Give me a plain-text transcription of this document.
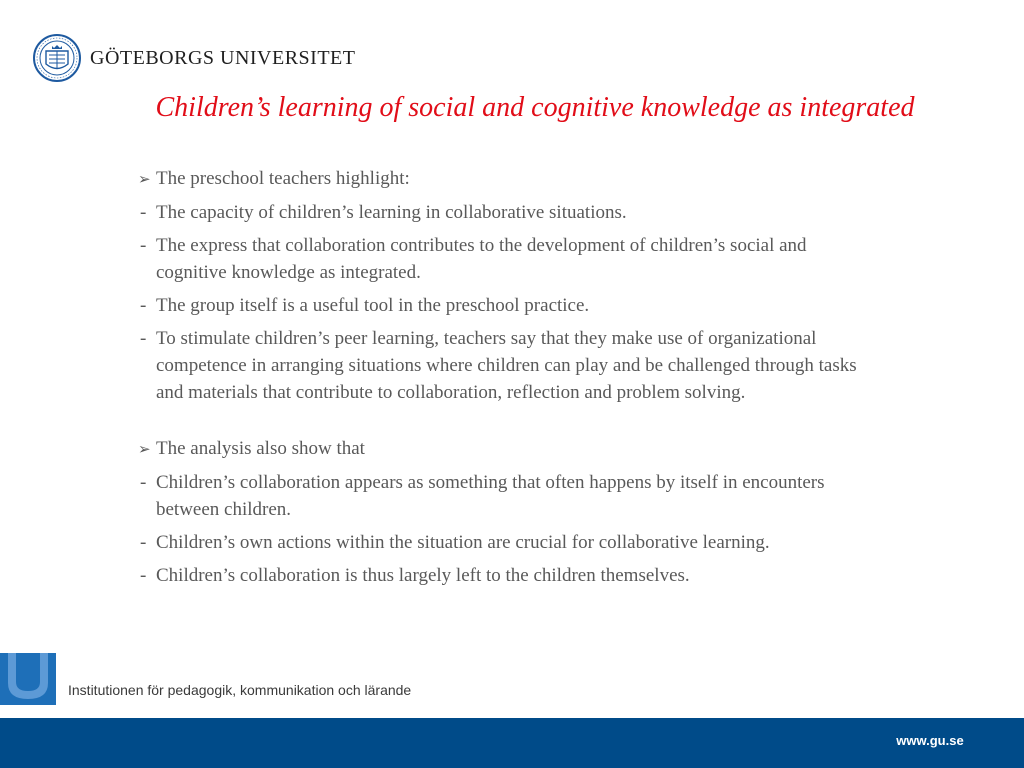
GÖTEBORGS UNIVERSITET
Children’s learning of social and cognitive knowledge as integrated
➢ The preschool teachers highlight:
- The capacity of children’s learning in collaborative situations.
- The express that collaboration contributes to the development of children’s social and cognitive knowledge as integrated.
- The group itself is a useful tool in the preschool practice.
- To stimulate children’s peer learning, teachers say that they make use of organizational competence in arranging situations where children can play and be challenged through tasks and materials that contribute to collaboration, reflection and problem solving.
➢ The analysis also show that
- Children’s collaboration appears as something that often happens by itself in encounters between children.
- Children’s own actions within the situation are crucial for collaborative learning.
- Children’s collaboration is thus largely left to the children themselves.
Institutionen för pedagogik, kommunikation och lärande
www.gu.se
